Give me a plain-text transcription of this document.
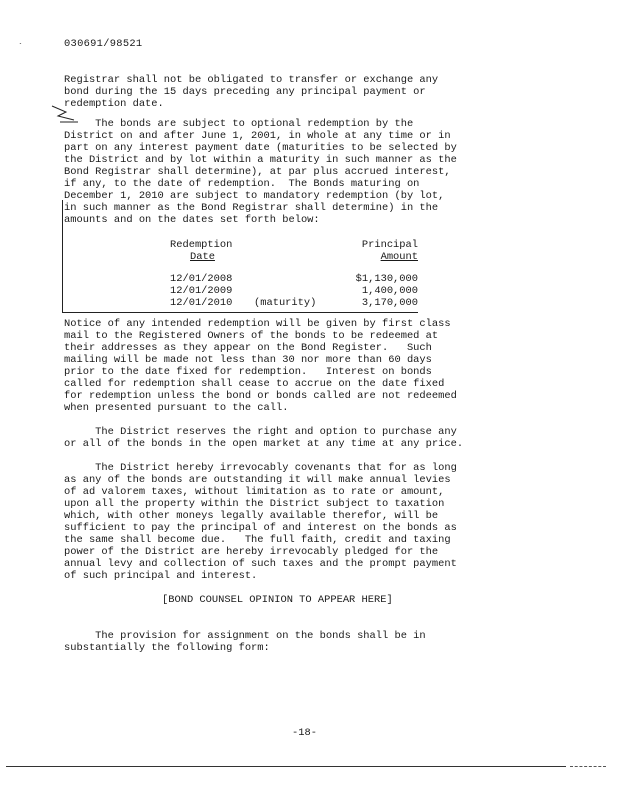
`	030691/98521
Registrar shall not be obligated to transfer or exchange any
bond during the 15 days preceding any principal payment or
redemption date.
The bonds are subject to optional redemption by the
District on and after June 1, 2001, in whole at any time or in
part on any interest payment date (maturities to be selected by
the District and by lot within a maturity in such manner as the
Bond Registrar shall determine), at par plus accrued interest,
if any, to the date of redemption.  The Bonds maturing on
December 1, 2010 are subject to mandatory redemption (by lot,
in such manner as the Bond Registrar shall determine) in the
amounts and on the dates set forth below:
Redemption	Principal
Date	Amount
12/01/2008	$1,130,000
12/01/2009	1,400,000
12/01/2010 (maturity)	3,170,000
Notice of any intended redemption will be given by first class
mail to the Registered Owners of the bonds to be redeemed at
their addresses as they appear on the Bond Register.   Such
mailing will be made not less than 30 nor more than 60 days
prior to the date fixed for redemption.   Interest on bonds
called for redemption shall cease to accrue on the date fixed
for redemption unless the bond or bonds called are not redeemed
when presented pursuant to the call.
The District reserves the right and option to purchase any
or all of the bonds in the open market at any time at any price.
The District hereby irrevocably covenants that for as long
as any of the bonds are outstanding it will make annual levies
of ad valorem taxes, without limitation as to rate or amount,
upon all the property within the District subject to taxation
which, with other moneys legally available therefor, will be
sufficient to pay the principal of and interest on the bonds as
the same shall become due.   The full faith, credit and taxing
power of the District are hereby irrevocably pledged for the
annual levy and collection of such taxes and the prompt payment
of such principal and interest.
[BOND COUNSEL OPINION TO APPEAR HERE]
The provision for assignment on the bonds shall be in
substantially the following form:
-18-
